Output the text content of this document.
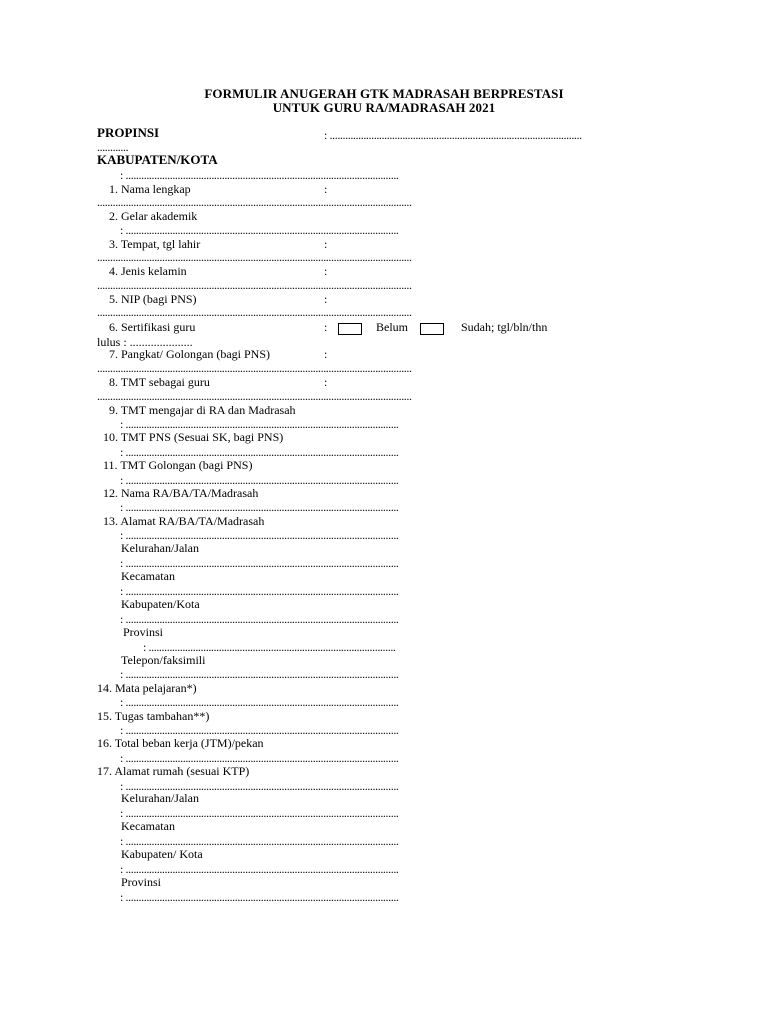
FORMULIR ANUGERAH GTK MADRASAH BERPRESTASI
UNTUK GURU RA/MADRASAH 2021
PROPINSI	: .................................................................................................
............
KABUPATEN/KOTA
: .........................................................................................................
1. Nama lengkap	:
.........................................................................................................................
2. Gelar akademik
: .........................................................................................................
3. Tempat, tgl lahir	:
.........................................................................................................................
4. Jenis kelamin	:
.........................................................................................................................
5. NIP (bagi PNS)	:
.........................................................................................................................
6. Sertifikasi guru	:	Belum	Sudah; tgl/bln/thn
lulus : .....................
7. Pangkat/ Golongan (bagi PNS)	:
.........................................................................................................................
8. TMT sebagai guru	:
.........................................................................................................................
9. TMT mengajar di RA dan Madrasah
: .........................................................................................................
10. TMT PNS (Sesuai SK, bagi PNS)
: .........................................................................................................
11. TMT Golongan (bagi PNS)
: .........................................................................................................
12. Nama RA/BA/TA/Madrasah
: .........................................................................................................
13. Alamat RA/BA/TA/Madrasah
: .........................................................................................................
Kelurahan/Jalan
: .........................................................................................................
Kecamatan
: .........................................................................................................
Kabupaten/Kota
: .........................................................................................................
Provinsi
: ...............................................................................................
Telepon/faksimili
: .........................................................................................................
14. Mata pelajaran*)
: .........................................................................................................
15. Tugas tambahan**)
: .........................................................................................................
16. Total beban kerja (JTM)/pekan
: .........................................................................................................
17. Alamat rumah (sesuai KTP)
: .........................................................................................................
Kelurahan/Jalan
: .........................................................................................................
Kecamatan
: .........................................................................................................
Kabupaten/ Kota
: .........................................................................................................
Provinsi
: .........................................................................................................
